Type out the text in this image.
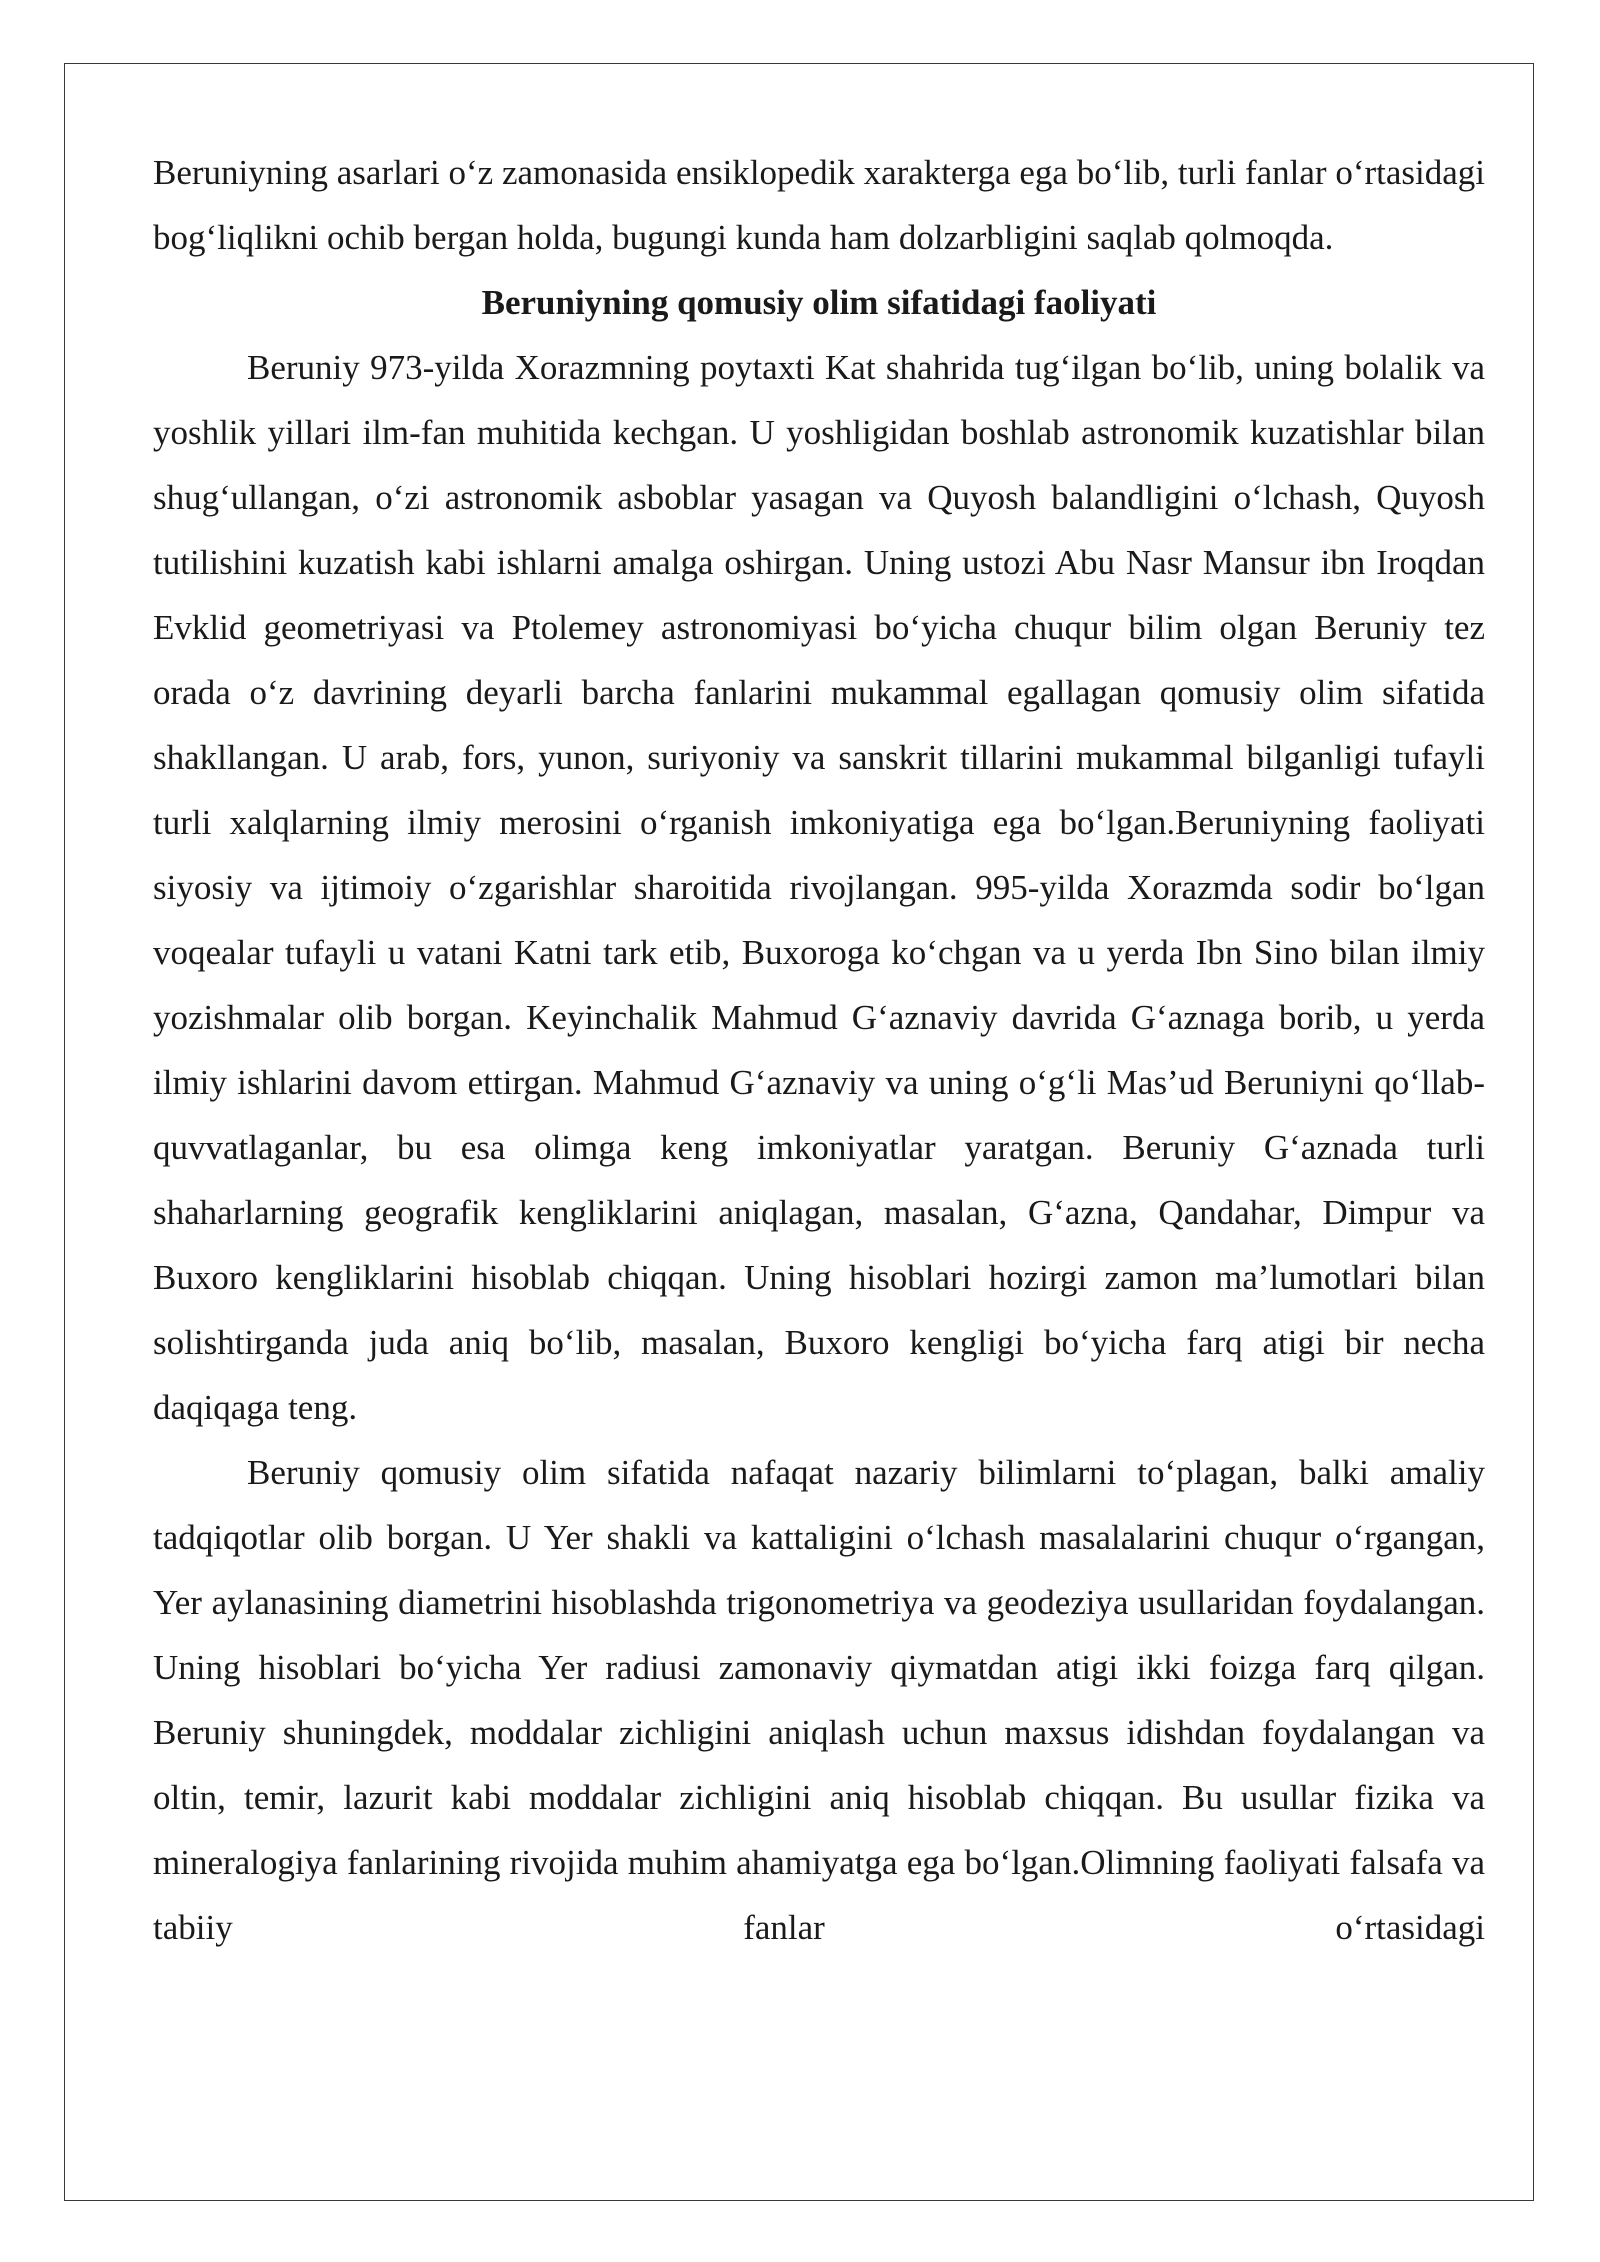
Beruniyning asarlari o‘z zamonasida ensiklopedik xarakterga ega bo‘lib, turli fanlar o‘rtasidagi bog‘liqlikni ochib bergan holda, bugungi kunda ham dolzarbligini saqlab qolmoqda.

Beruniyning qomusiy olim sifatidagi faoliyati

Beruniy 973-yilda Xorazmning poytaxti Kat shahrida tug‘ilgan bo‘lib, uning bolalik va yoshlik yillari ilm-fan muhitida kechgan. U yoshligidan boshlab astronomik kuzatishlar bilan shug‘ullangan, o‘zi astronomik asboblar yasagan va Quyosh balandligini o‘lchash, Quyosh tutilishini kuzatish kabi ishlarni amalga oshirgan. Uning ustozi Abu Nasr Mansur ibn Iroqdan Evklid geometriyasi va Ptolemey astronomiyasi bo‘yicha chuqur bilim olgan Beruniy tez orada o‘z davrining deyarli barcha fanlarini mukammal egallagan qomusiy olim sifatida shakllangan. U arab, fors, yunon, suriyoniy va sanskrit tillarini mukammal bilganligi tufayli turli xalqlarning ilmiy merosini o‘rganish imkoniyatiga ega bo‘lgan.Beruniyning faoliyati siyosiy va ijtimoiy o‘zgarishlar sharoitida rivojlangan. 995-yilda Xorazmda sodir bo‘lgan voqealar tufayli u vatani Katni tark etib, Buxoroga ko‘chgan va u yerda Ibn Sino bilan ilmiy yozishmalar olib borgan. Keyinchalik Mahmud G‘aznaviy davrida G‘aznaga borib, u yerda ilmiy ishlarini davom ettirgan. Mahmud G‘aznaviy va uning o‘g‘li Mas’ud Beruniyni qo‘llab-quvvatlaganlar, bu esa olimga keng imkoniyatlar yaratgan. Beruniy G‘aznada turli shaharlarning geografik kengliklarini aniqlagan, masalan, G‘azna, Qandahar, Dimpur va Buxoro kengliklarini hisoblab chiqqan. Uning hisoblari hozirgi zamon ma’lumotlari bilan solishtirganda juda aniq bo‘lib, masalan, Buxoro kengligi bo‘yicha farq atigi bir necha daqiqaga teng.

Beruniy qomusiy olim sifatida nafaqat nazariy bilimlarni to‘plagan, balki amaliy tadqiqotlar olib borgan. U Yer shakli va kattaligini o‘lchash masalalarini chuqur o‘rgangan, Yer aylanasining diametrini hisoblashda trigonometriya va geodeziya usullaridan foydalangan. Uning hisoblari bo‘yicha Yer radiusi zamonaviy qiymatdan atigi ikki foizga farq qilgan. Beruniy shuningdek, moddalar zichligini aniqlash uchun maxsus idishdan foydalangan va oltin, temir, lazurit kabi moddalar zichligini aniq hisoblab chiqqan. Bu usullar fizika va mineralogiya fanlarining rivojida muhim ahamiyatga ega bo‘lgan.Olimning faoliyati falsafa va tabiiy fanlar o‘rtasidagi
